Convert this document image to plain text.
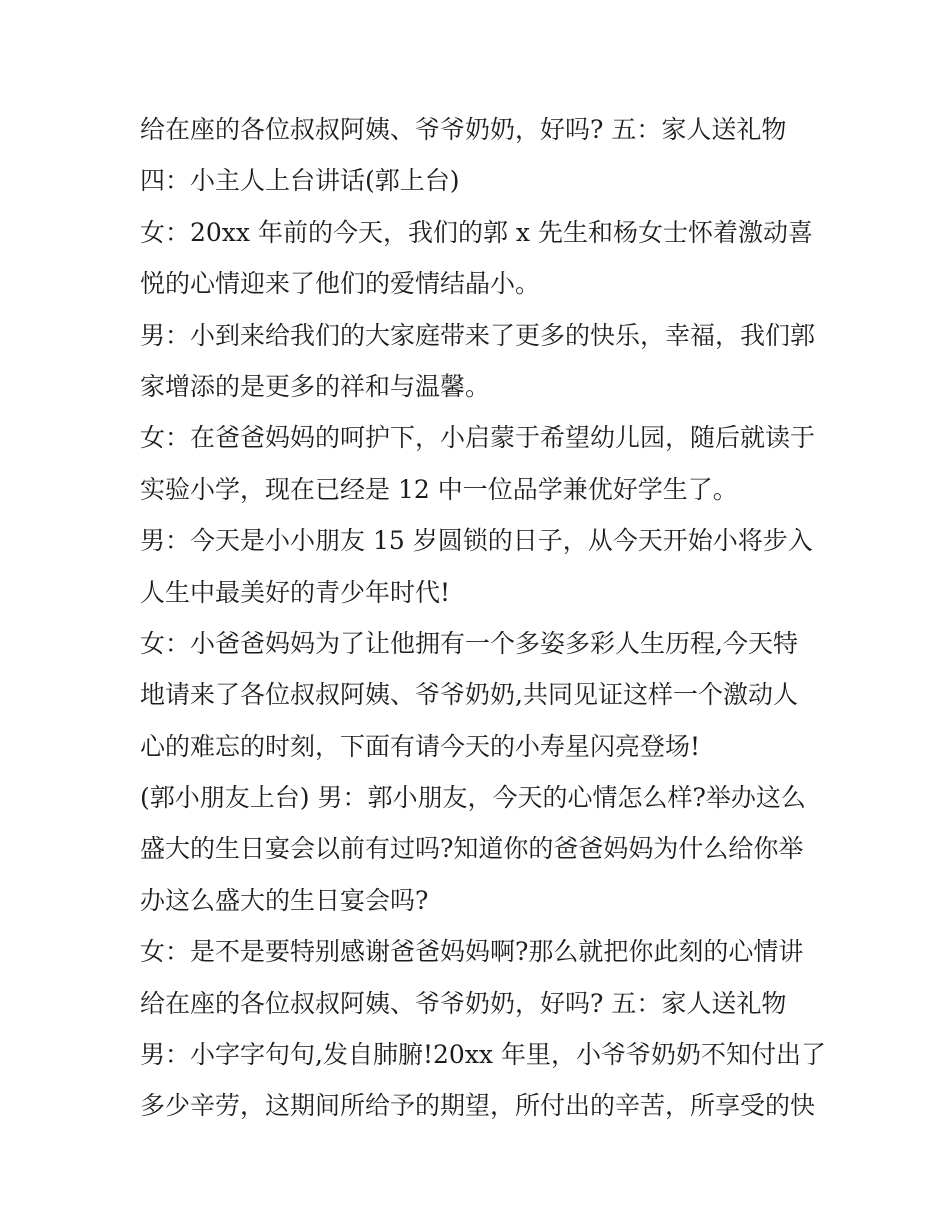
给在座的各位叔叔阿姨、爷爷奶奶，好吗? 五：家人送礼物
四：小主人上台讲话(郭上台)
女：20xx 年前的今天，我们的郭 x 先生和杨女士怀着激动喜
悦的心情迎来了他们的爱情结晶小。
男：小到来给我们的大家庭带来了更多的快乐，幸福，我们郭
家增添的是更多的祥和与温馨。
女：在爸爸妈妈的呵护下，小启蒙于希望幼儿园，随后就读于
实验小学，现在已经是 12 中一位品学兼优好学生了。
男：今天是小小朋友 15 岁圆锁的日子，从今天开始小将步入
人生中最美好的青少年时代!
女：小爸爸妈妈为了让他拥有一个多姿多彩人生历程,今天特
地请来了各位叔叔阿姨、爷爷奶奶,共同见证这样一个激动人
心的难忘的时刻，下面有请今天的小寿星闪亮登场!
(郭小朋友上台) 男：郭小朋友，今天的心情怎么样?举办这么
盛大的生日宴会以前有过吗?知道你的爸爸妈妈为什么给你举
办这么盛大的生日宴会吗?
女：是不是要特别感谢爸爸妈妈啊?那么就把你此刻的心情讲
给在座的各位叔叔阿姨、爷爷奶奶，好吗? 五：家人送礼物
男：小字字句句,发自肺腑!20xx 年里，小爷爷奶奶不知付出了
多少辛劳，这期间所给予的期望，所付出的辛苦，所享受的快
